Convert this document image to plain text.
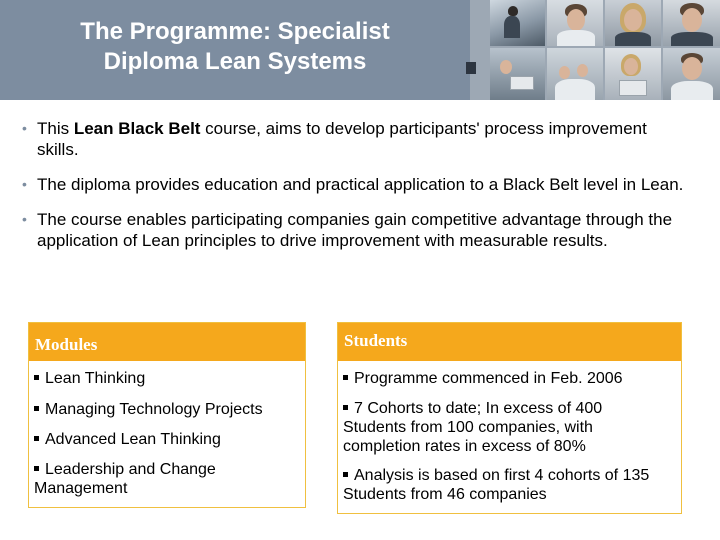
The Programme: Specialist
Diploma Lean Systems
• This Lean Black Belt course, aims to develop participants' process improvement skills.
• The diploma provides education and practical application to a Black Belt level in Lean.
• The course enables participating companies gain competitive advantage through the application of Lean principles to drive improvement with measurable results.
Modules
Lean Thinking
Managing Technology Projects
Advanced Lean Thinking
Leadership and Change Management
Students
Programme commenced in Feb. 2006
7 Cohorts to date; In excess of 400 Students from 100 companies, with completion rates in excess of 80%
Analysis is based on first 4 cohorts of 135 Students from 46 companies
